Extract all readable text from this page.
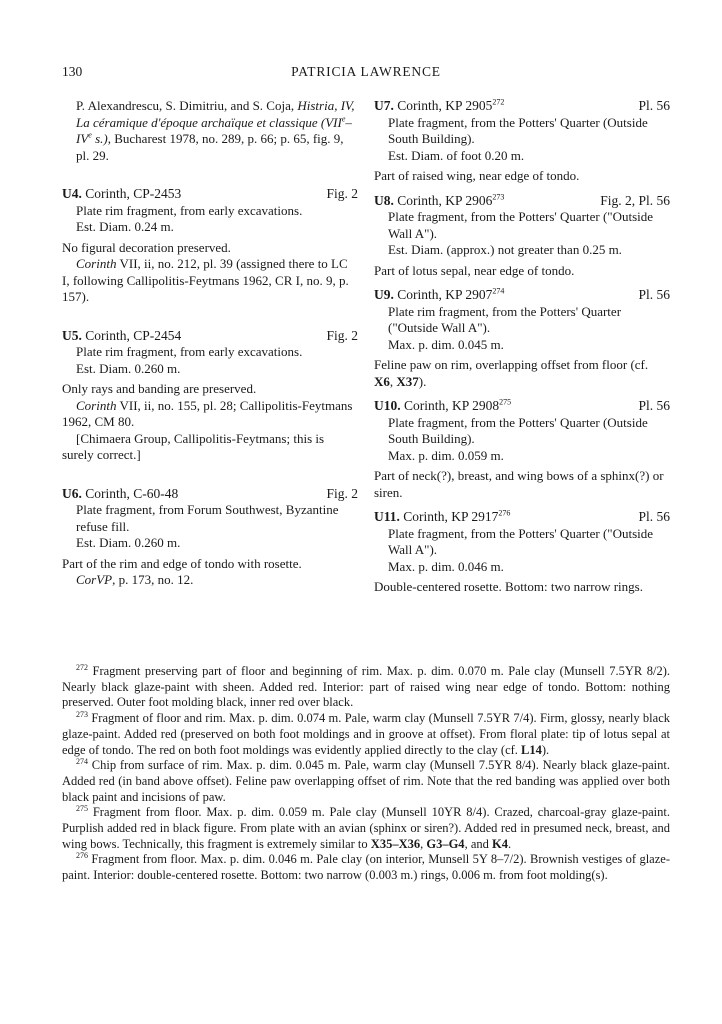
130	PATRICIA LAWRENCE
P. Alexandrescu, S. Dimitriu, and S. Coja, Histria, IV, La céramique d'époque archaïque et classique (VIIe–IVe s.), Bucharest 1978, no. 289, p. 66; p. 65, fig. 9, pl. 29.
U4. Corinth, CP-2453	Fig. 2
Plate rim fragment, from early excavations.
Est. Diam. 0.24 m.
No figural decoration preserved.
Corinth VII, ii, no. 212, pl. 39 (assigned there to LC I, following Callipolitis-Feytmans 1962, CR I, no. 9, p. 157).
U5. Corinth, CP-2454	Fig. 2
Plate rim fragment, from early excavations.
Est. Diam. 0.260 m.
Only rays and banding are preserved.
Corinth VII, ii, no. 155, pl. 28; Callipolitis-Feytmans 1962, CM 80.
[Chimaera Group, Callipolitis-Feytmans; this is surely correct.]
U6. Corinth, C-60-48	Fig. 2
Plate fragment, from Forum Southwest, Byzantine refuse fill.
Est. Diam. 0.260 m.
Part of the rim and edge of tondo with rosette.
CorVP, p. 173, no. 12.
U7. Corinth, KP 2905$^{272}$	Pl. 56
Plate fragment, from the Potters' Quarter (Outside South Building).
Est. Diam. of foot 0.20 m.
Part of raised wing, near edge of tondo.
U8. Corinth, KP 2906$^{273}$	Fig. 2, Pl. 56
Plate fragment, from the Potters' Quarter ("Outside Wall A").
Est. Diam. (approx.) not greater than 0.25 m.
Part of lotus sepal, near edge of tondo.
U9. Corinth, KP 2907$^{274}$	Pl. 56
Plate rim fragment, from the Potters' Quarter ("Outside Wall A").
Max. p. dim. 0.045 m.
Feline paw on rim, overlapping offset from floor (cf. X6, X37).
U10. Corinth, KP 2908$^{275}$	Pl. 56
Plate fragment, from the Potters' Quarter (Outside South Building).
Max. p. dim. 0.059 m.
Part of neck(?), breast, and wing bows of a sphinx(?) or siren.
U11. Corinth, KP 2917$^{276}$	Pl. 56
Plate fragment, from the Potters' Quarter ("Outside Wall A").
Max. p. dim. 0.046 m.
Double-centered rosette. Bottom: two narrow rings.
$^{272}$ Fragment preserving part of floor and beginning of rim. Max. p. dim. 0.070 m. Pale clay (Munsell 7.5YR 8/2). Nearly black glaze-paint with sheen. Added red. Interior: part of raised wing near edge of tondo. Bottom: nothing preserved. Outer foot molding black, inner red over black.
$^{273}$ Fragment of floor and rim. Max. p. dim. 0.074 m. Pale, warm clay (Munsell 7.5YR 7/4). Firm, glossy, nearly black glaze-paint. Added red (preserved on both foot moldings and in groove at offset). From floral plate: tip of lotus sepal at edge of tondo. The red on both foot moldings was evidently applied directly to the clay (cf. L14).
$^{274}$ Chip from surface of rim. Max. p. dim. 0.045 m. Pale, warm clay (Munsell 7.5YR 8/4). Nearly black glaze-paint. Added red (in band above offset). Feline paw overlapping offset of rim. Note that the red banding was applied over both black paint and incisions of paw.
$^{275}$ Fragment from floor. Max. p. dim. 0.059 m. Pale clay (Munsell 10YR 8/4). Crazed, charcoal-gray glaze-paint. Purplish added red in black figure. From plate with an avian (sphinx or siren?). Added red in presumed neck, breast, and wing bows. Technically, this fragment is extremely similar to X35–X36, G3–G4, and K4.
$^{276}$ Fragment from floor. Max. p. dim. 0.046 m. Pale clay (on interior, Munsell 5Y 8–7/2). Brownish vestiges of glaze-paint. Interior: double-centered rosette. Bottom: two narrow (0.003 m.) rings, 0.006 m. from foot molding(s).
